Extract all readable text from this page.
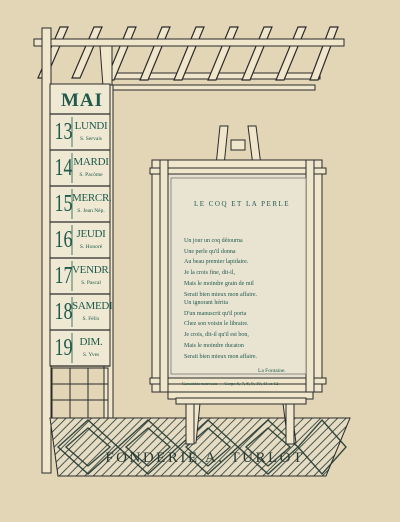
MAI
13 LUNDI
S. Servais
14 MARDI
S. Pacôme
15 MERCR.
S. Jean Nép.
16 JEUDI
S. Honoré
17 VENDR.
S. Pascal
18 SAMEDI
S. Félix
19 DIM.
S. Yves
LE COQ ET LA PERLE
Un jour un coq détourna
Une perle qu'il donna
Au beau premier lapidaire.
Je la crois fine, dit-il,
Mais le moindre grain de mil
Serait bien mieux mon affaire.
Un ignorant hérita
D'un manuscrit qu'il porta
Chez son voisin le libraire.
Je crois, dit-il qu'il est bon,
Mais le moindre ducaton
Serait bien mieux mon affaire.
La Fontaine.
Caractère nouveau — Corps 6, 7, 8, 9, 10, 11 et 12
FONDERIE A. TURLOT
